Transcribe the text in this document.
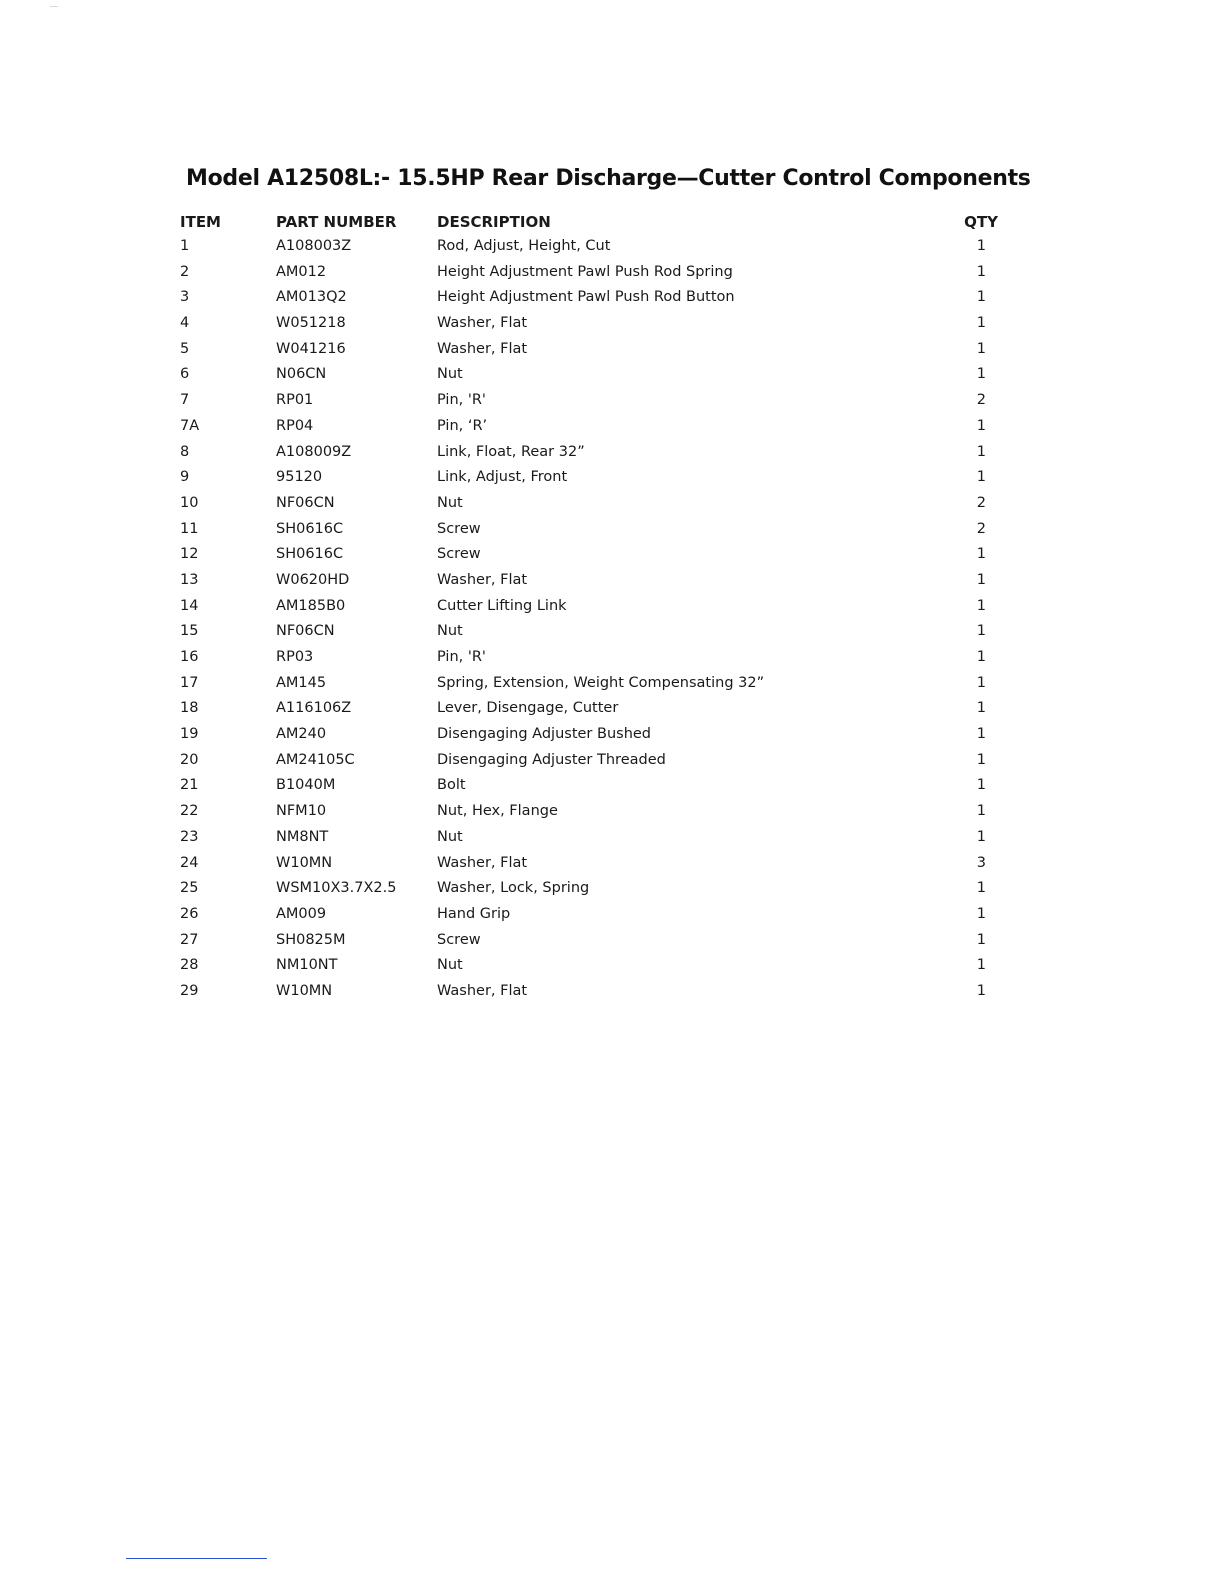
Model A12508L:- 15.5HP Rear Discharge—Cutter Control Components
ITEM	PART NUMBER	DESCRIPTION	QTY
1	A108003Z	Rod, Adjust, Height, Cut	1
2	AM012	Height Adjustment Pawl Push Rod Spring	1
3	AM013Q2	Height Adjustment Pawl Push Rod Button	1
4	W051218	Washer, Flat	1
5	W041216	Washer, Flat	1
6	N06CN	Nut	1
7	RP01	Pin, 'R'	2
7A	RP04	Pin, ‘R’	1
8	A108009Z	Link, Float, Rear 32”	1
9	95120	Link, Adjust, Front	1
10	NF06CN	Nut	2
11	SH0616C	Screw	2
12	SH0616C	Screw	1
13	W0620HD	Washer, Flat	1
14	AM185B0	Cutter Lifting Link	1
15	NF06CN	Nut	1
16	RP03	Pin, 'R'	1
17	AM145	Spring, Extension, Weight Compensating 32”	1
18	A116106Z	Lever, Disengage, Cutter	1
19	AM240	Disengaging Adjuster Bushed	1
20	AM24105C	Disengaging Adjuster Threaded	1
21	B1040M	Bolt	1
22	NFM10	Nut, Hex, Flange	1
23	NM8NT	Nut	1
24	W10MN	Washer, Flat	3
25	WSM10X3.7X2.5	Washer, Lock, Spring	1
26	AM009	Hand Grip	1
27	SH0825M	Screw	1
28	NM10NT	Nut	1
29	W10MN	Washer, Flat	1
